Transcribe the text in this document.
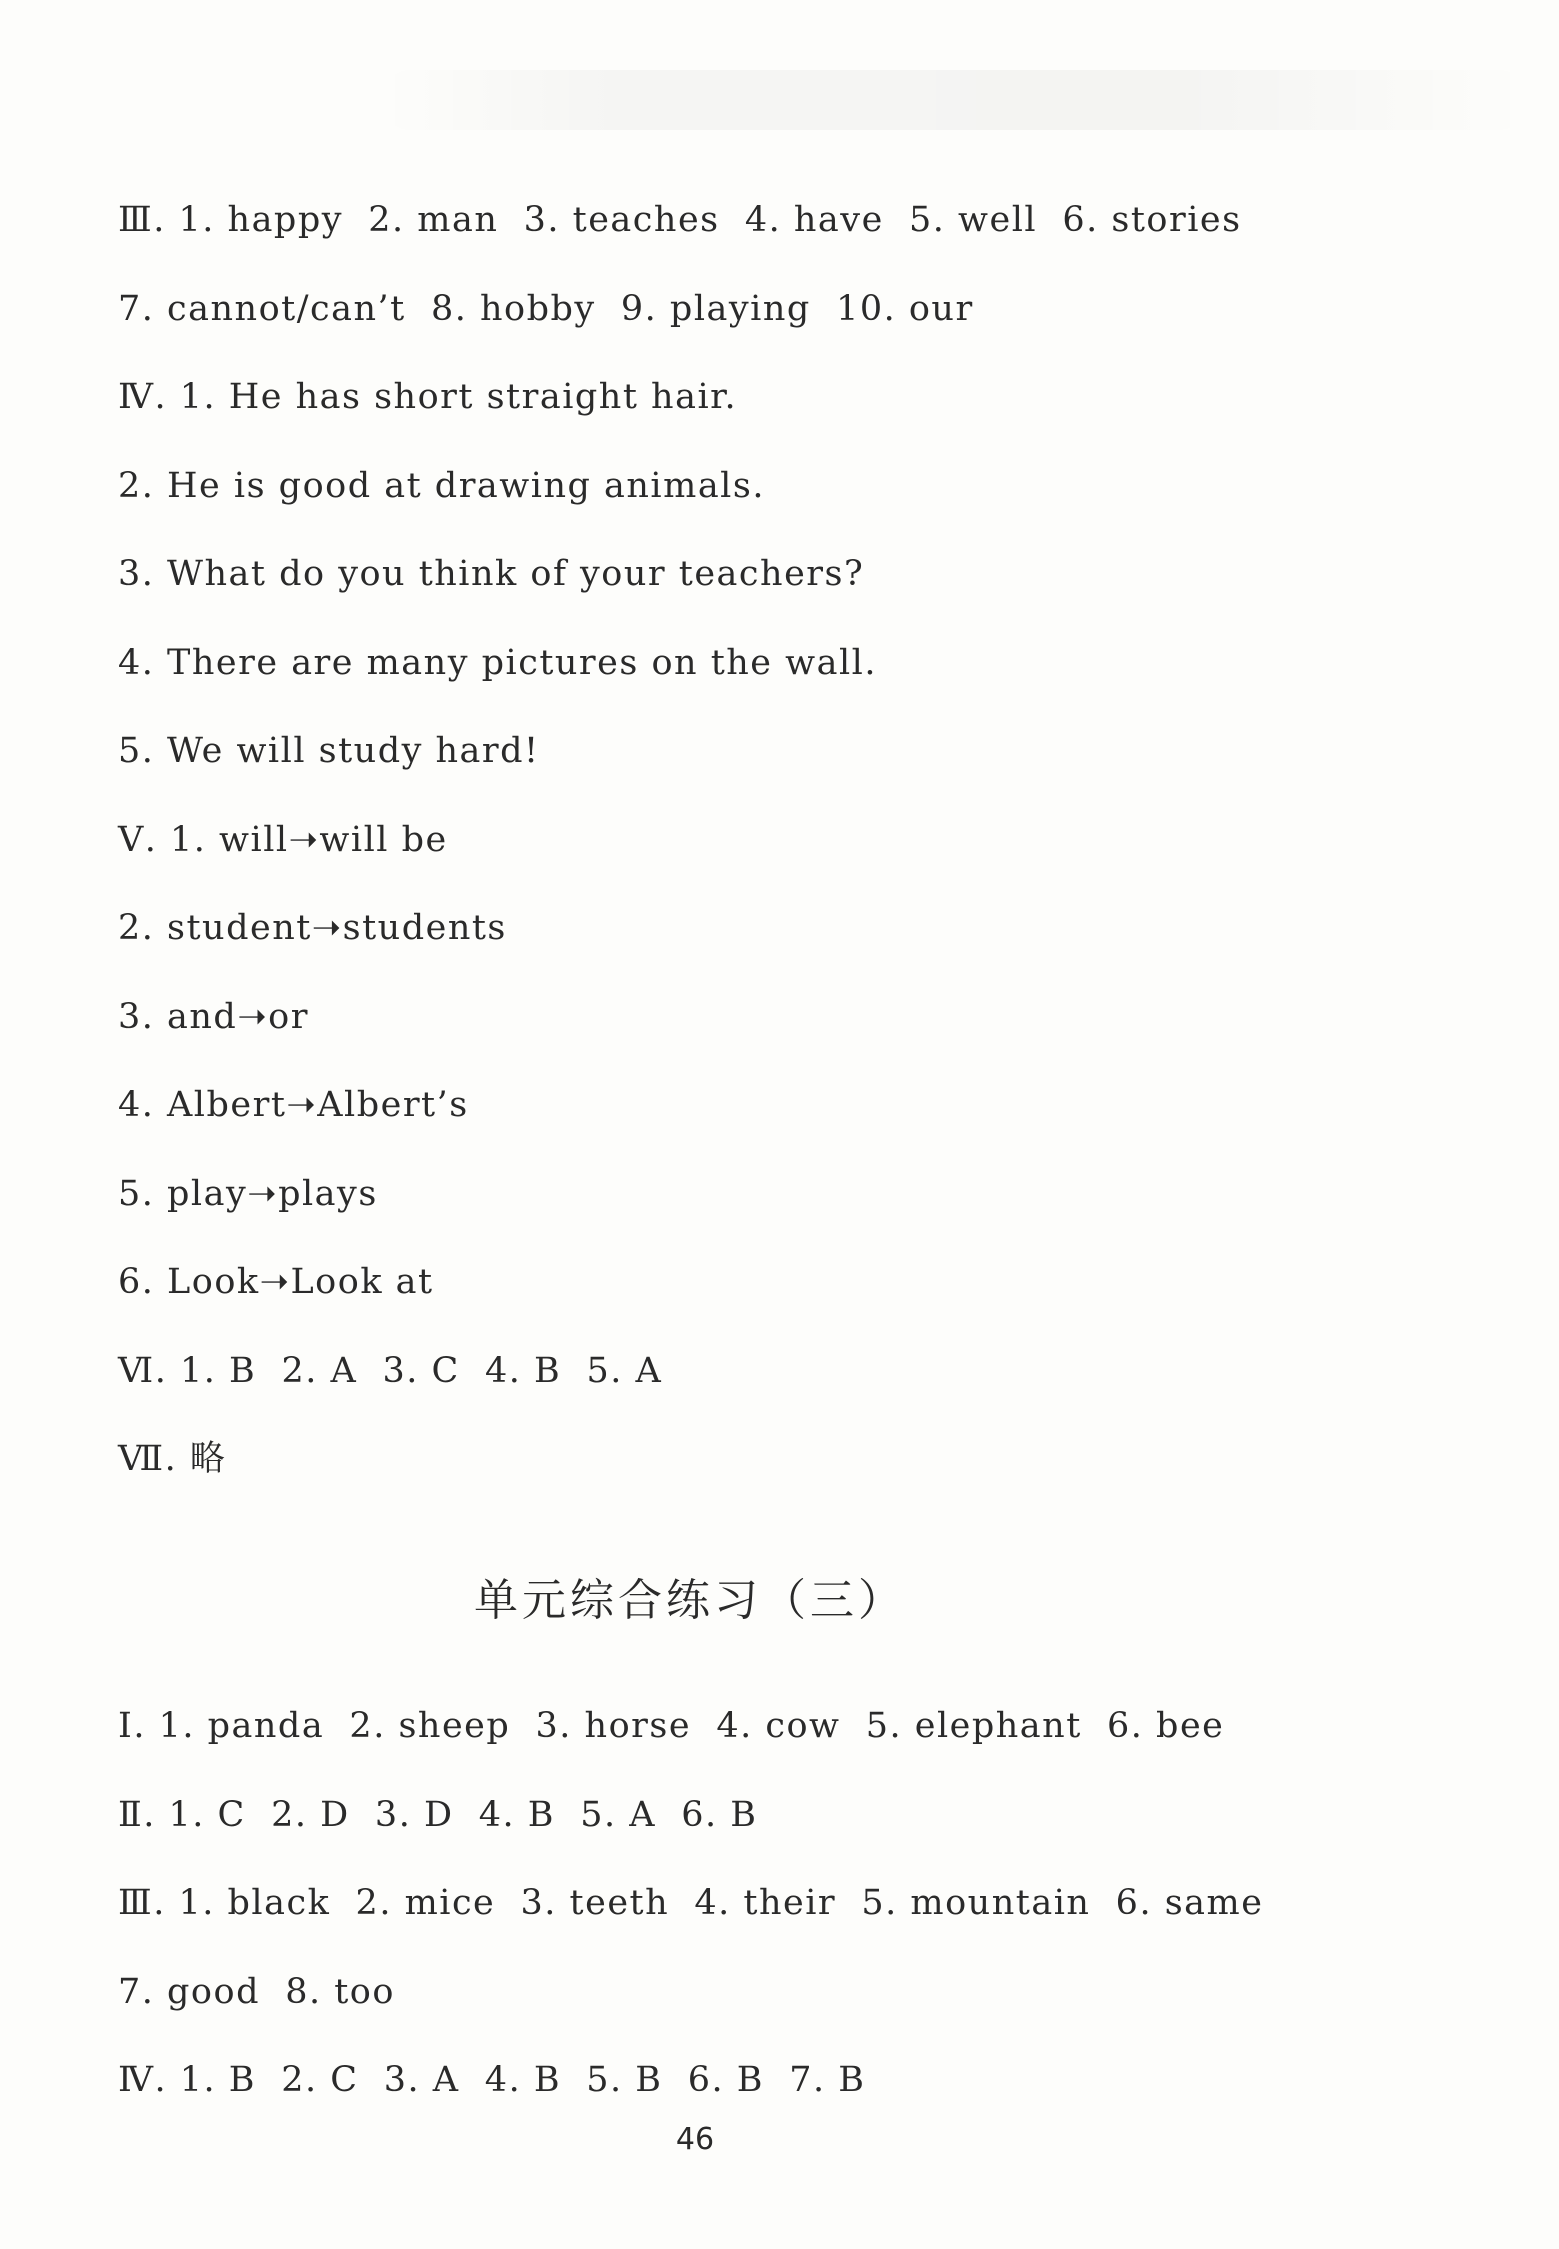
Ⅲ. 1. happy  2. man  3. teaches  4. have  5. well  6. stories
7. cannot/can’t  8. hobby  9. playing  10. our
Ⅳ. 1. He has short straight hair.
2. He is good at drawing animals.
3. What do you think of your teachers?
4. There are many pictures on the wall.
5. We will study hard!
Ⅴ. 1. will➝will be
2. student➝students
3. and➝or
4. Albert➝Albert’s
5. play➝plays
6. Look➝Look at
Ⅵ. 1. B  2. A  3. C  4. B  5. A
Ⅶ. 略
单元综合练习（三）
Ⅰ. 1. panda  2. sheep  3. horse  4. cow  5. elephant  6. bee
Ⅱ. 1. C  2. D  3. D  4. B  5. A  6. B
Ⅲ. 1. black  2. mice  3. teeth  4. their  5. mountain  6. same
7. good  8. too
Ⅳ. 1. B  2. C  3. A  4. B  5. B  6. B  7. B
46
